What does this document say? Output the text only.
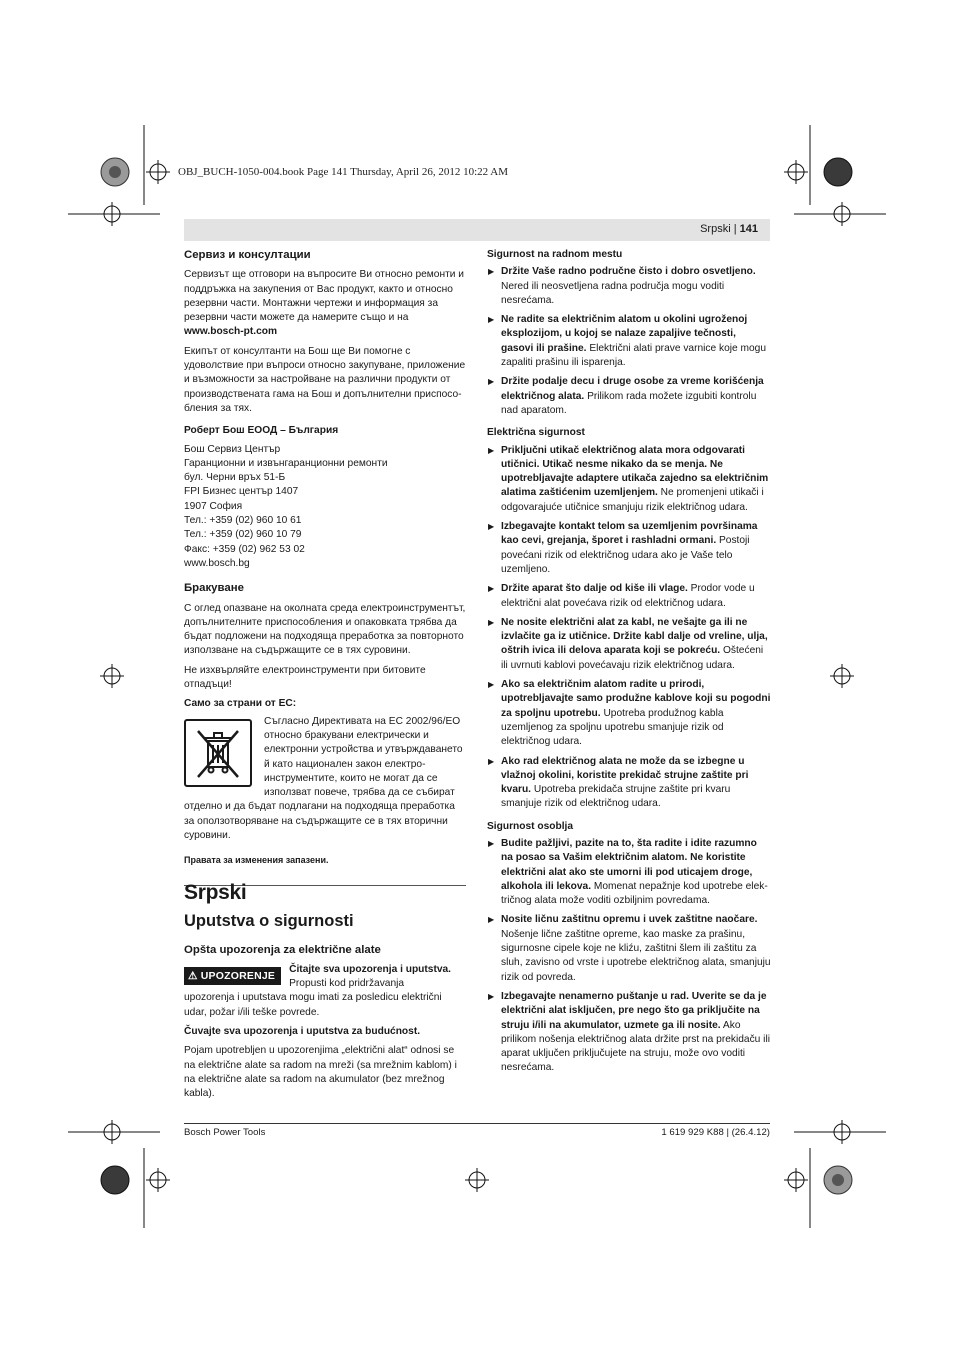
OBJ_BUCH-1050-004.book Page 141 Thursday, April 26, 2012 10:22 AM
Srpski | 141
Сервиз и консултации

Сервизът ще отговори на въпросите Ви относно ремонти и поддръжка на закупения от Вас продукт, както и относно резервни части. Монтажни чертежи и информация за резервни части можете да намерите също и на

www.bosch-pt.com

Екипът от консултанти на Бош ще Ви помогне с удоволствие при въпроси относно закупуване, приложение и възможности за настройване на различни продукти от производствената гама на Бош и допълнителни приспосо-бления за тях.

Роберт Бош ЕООД – България
Бош Сервиз Център
Гаранционни и извънгаранционни ремонти
бул. Черни връх 51-Б
FPI Бизнес център 1407
1907 София
Тел.: +359 (02) 960 10 61
Тел.: +359 (02) 960 10 79
Факс: +359 (02) 962 53 02
www.bosch.bg
Бракуване

С оглед опазване на околната среда електроинструментът, допълнителните приспособления и опаковката трябва да бъдат подложени на подходяща преработка за повторното използване на съдържащите се в тях суровини.

Не изхвърляйте електроинструменти при битовите отпадъци!

Само за страни от ЕС:

Съгласно Директивата на ЕС 2002/96/ЕО относно бракувани електрически и електронни устройства и утвърждаването й като национален закон електро-инструментите, които не могат да се използват повече, трябва да се събират

отделно и да бъдат подлагани на подходяща преработка за оползотворяване на съдържащите се в тях вторични суровини.

Правата за изменения запазени.

Srpski
Uputstva o sigurnosti
Opšta upozorenja za električne alate
⚠ UPOZORENJE
Čitajte sva upozorenja i uputstva.
Propusti kod pridržavanja

upozorenja i uputstava mogu imati za posledicu električni udar, požar i/ili teške povrede.

Čuvajte sva upozorenja i uputstva za budućnost.

Pojam upotrebljen u upozorenjima „električni alat“ odnosi se na električne alate sa radom na mreži (sa mrežnim kablom) i na električne alate sa radom na akumulator (bez mrežnog kabla).

Sigurnost na radnom mestu
▶ Držite Vaše radno područne čisto i dobro osvetljeno. Nered ili neosvetljena radna područja mogu voditi nesrećama.
▶ Ne radite sa električnim alatom u okolini ugroženoj eksplozijom, u kojoj se nalaze zapaljive tečnosti, gasovi ili prašine. Električni alati prave varnice koje mogu zapaliti prašinu ili isparenja.
▶ Držite podalje decu i druge osobe za vreme korišćenja električnog alata. Prilikom rada možete izgubiti kontrolu nad aparatom.
Električna sigurnost
▶ Priključni utikač električnog alata mora odgovarati utičnici. Utikač nesme nikako da se menja. Ne upotrebljavajte adaptere utikača zajedno sa električnim alatima zaštićenim uzemljenjem. Ne promenjeni utikači i odgovarajuće utičnice smanjuju rizik električnog udara.
▶ Izbegavajte kontakt telom sa uzemljenim površinama kao cevi, grejanja, šporet i rashladni ormani. Postoji povećani rizik od električnog udara ako je Vaše telo uzemljeno.
▶ Držite aparat što dalje od kiše ili vlage. Prodor vode u električni alat povećava rizik od električnog udara.
▶ Ne nosite električni alat za kabl, ne vešajte ga ili ne izvlačite ga iz utičnice. Držite kabl dalje od vreline, ulja, oštrih ivica ili delova aparata koji se pokreću. Oštećeni ili uvrnuti kablovi povećavaju rizik električnog udara.
▶ Ako sa električnim alatom radite u prirodi, upotrebljavajte samo produžne kablove koji su pogodni za spoljnu upotrebu. Upotreba produžnog kabla uzemljenog za spoljnu upotrebu smanjuje rizik od električnog udara.
▶ Ako rad električnog alata ne može da se izbegne u vlažnoj okolini, koristite prekidač strujne zaštite pri kvaru. Upotreba prekidača strujne zaštite pri kvaru smanjuje rizik od električnog udara.
Sigurnost osoblja
▶ Budite pažljivi, pazite na to, šta radite i idite razumno na posao sa Vašim električnim alatom. Ne koristite električni alat ako ste umorni ili pod uticajem droge, alkohola ili lekova. Momenat nepažnje kod upotrebe elek-tričnog alata može voditi ozbiljnim povredama.
▶ Nosite ličnu zaštitnu opremu i uvek zaštitne naočare. Nošenje lične zaštitne opreme, kao maske za prašinu, sigurnosne cipele koje ne kliźu, zaštitni šlem ili zaštitu za sluh, zavisno od vrste i upotrebe električnog alata, smanjuju rizik od povreda.
▶ Izbegavajte nenamerno puštanje u rad. Uverite se da je električni alat isključen, pre nego što ga priključite na struju i/ili na akumulator, uzmete ga ili nosite. Ako prilikom nošenja električnog alata držite prst na prekidaču ili aparat uključen priključujete na struju, može ovo voditi nesrećama.
Bosch Power Tools	1 619 929 K88 | (26.4.12)
